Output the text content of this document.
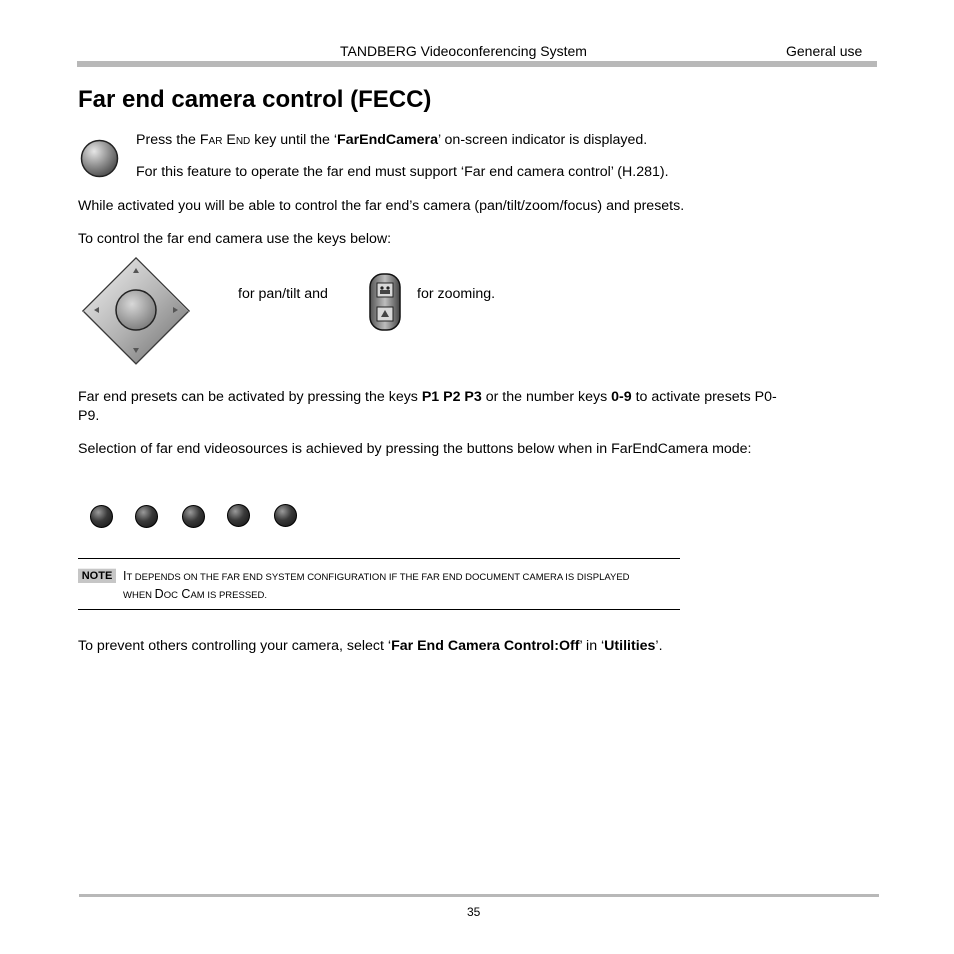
TANDBERG Videoconferencing System	General use
Far end camera control (FECC)
Press the Far End key until the ‘FarEndCamera’ on-screen indicator is displayed.
For this feature to operate the far end must support ‘Far end camera control’ (H.281).
While activated you will be able to control the far end’s camera (pan/tilt/zoom/focus) and presets.
To control the far end camera use the keys below:
for pan/tilt and	for zooming.
Far end presets can be activated by pressing the keys P1 P2 P3 or the number keys 0-9 to activate presets P0-
P9.
Selection of far end videosources is achieved by pressing the buttons below when in FarEndCamera mode:
NOTE IT DEPENDS ON THE FAR END SYSTEM CONFIGURATION IF THE FAR END DOCUMENT CAMERA IS DISPLAYED
WHEN DOC CAM IS PRESSED.
To prevent others controlling your camera, select ‘Far End Camera Control:Off’ in ‘Utilities’.
35
